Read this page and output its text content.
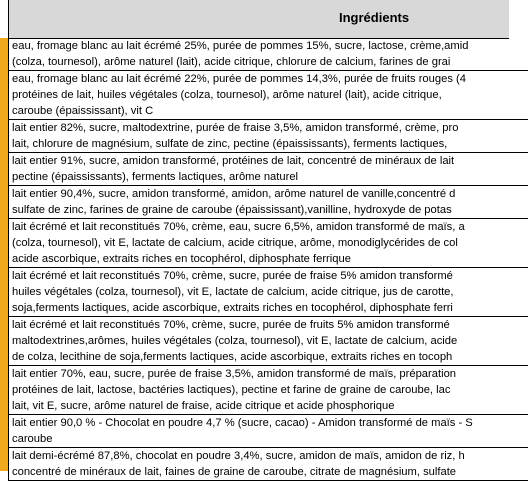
Ingrédients
eau, fromage blanc au lait écrémé 25%, purée de pommes 15%, sucre, lactose, crème,amid
(colza, tournesol), arôme naturel (lait), acide citrique, chlorure de calcium, farines de grai
eau, fromage blanc au lait écrémé 22%, purée de pommes 14,3%, purée de fruits rouges (4
protéines de lait, huiles végétales (colza, tournesol), arôme naturel (lait), acide citrique,
caroube (épaississant), vit C
lait entier 82%, sucre, maltodextrine, purée de fraise 3,5%, amidon transformé, crème, pro
lait, chlorure de magnésium, sulfate de zinc, pectine (épaississants), ferments lactiques,
lait entier 91%, sucre, amidon transformé, protéines de lait, concentré de minéraux de lait
pectine (épaississants), ferments lactiques, arôme naturel
lait entier 90,4%, sucre, amidon transformé, amidon, arôme naturel de vanille,concentré d
sulfate de zinc, farines de graine de caroube (épaississant),vanilline, hydroxyde de potas
lait écrémé et lait reconstitués 70%, crème, eau, sucre 6,5%, amidon transformé de maïs, a
(colza, tournesol), vit E, lactate de calcium, acide citrique, arôme, monodiglycérides de col
acide ascorbique, extraits riches en tocophérol, diphosphate ferrique
lait écrémé et lait reconstitués 70%, crème, sucre, purée de fraise 5% amidon transformé
huiles végétales (colza, tournesol), vit E, lactate de calcium, acide citrique, jus de carotte,
soja,ferments lactiques, acide ascorbique, extraits riches en tocophérol, diphosphate ferri
lait écrémé et lait reconstitués 70%, crème, sucre, purée de fruits 5% amidon transformé
maltodextrines,arômes, huiles végétales (colza, tournesol), vit E, lactate de calcium, acide
de colza, lecithine de soja,ferments lactiques, acide ascorbique, extraits riches en tocoph
lait entier 70%, eau, sucre, purée de fraise 3,5%, amidon transformé de maïs, préparation
protéines de lait, lactose, bactéries lactiques), pectine et farine de graine de caroube, lac
lait, vit E, sucre, arôme naturel de fraise, acide citrique et acide phosphorique
lait entier 90,0 % - Chocolat en poudre 4,7 % (sucre, cacao) - Amidon transformé de maïs - S
caroube
lait demi-écrémé 87,8%, chocolat en poudre 3,4%, sucre, amidon de maïs, amidon de riz, h
concentré de minéraux de lait, faines de graine de caroube, citrate de magnésium, sulfate
